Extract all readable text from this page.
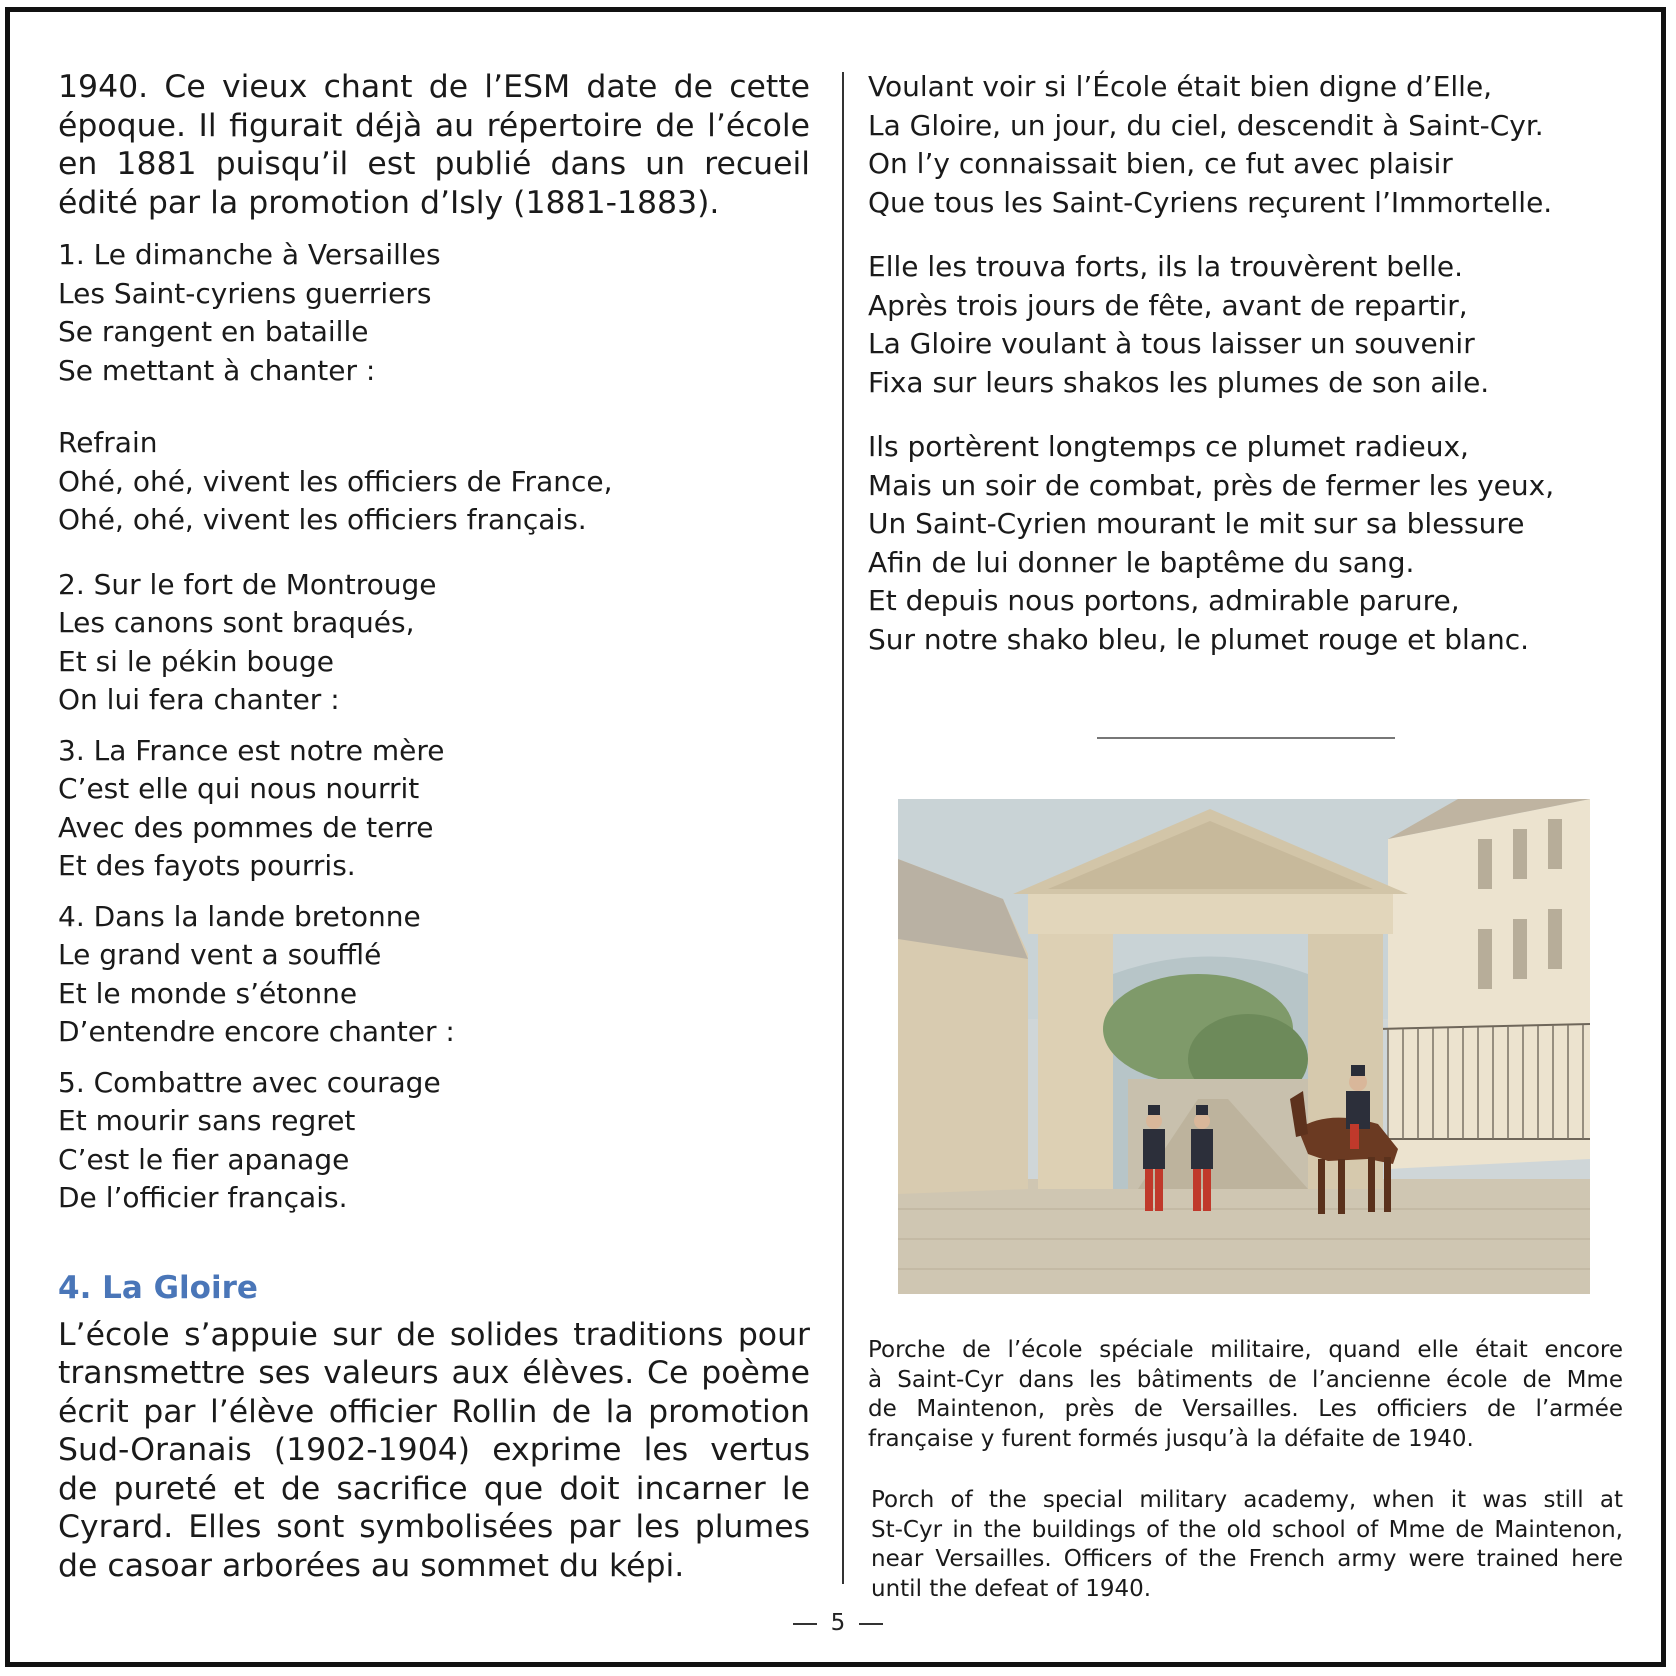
1940. Ce vieux chant de l’ESM date de cette
époque. Il figurait déjà au répertoire de l’école
en 1881 puisqu’il est publié dans un recueil
édité par la promotion d’Isly (1881-1883).

1. Le dimanche à Versailles
Les Saint-cyriens guerriers
Se rangent en bataille
Se mettant à chanter :
Refrain
Ohé, ohé, vivent les officiers de France,
Ohé, ohé, vivent les officiers français.
2. Sur le fort de Montrouge
Les canons sont braqués,
Et si le pékin bouge
On lui fera chanter :
3. La France est notre mère
C’est elle qui nous nourrit
Avec des pommes de terre
Et des fayots pourris.
4. Dans la lande bretonne
Le grand vent a soufflé
Et le monde s’étonne
D’entendre encore chanter :
5. Combattre avec courage
Et mourir sans regret
C’est le fier apanage
De l’officier français.
4. La Gloire

L’école s’appuie sur de solides traditions pour
transmettre ses valeurs aux élèves. Ce poème
écrit par l’élève officier Rollin de la promotion
Sud-Oranais (1902-1904) exprime les vertus
de pureté et de sacrifice que doit incarner le
Cyrard. Elles sont symbolisées par les plumes
de casoar arborées au sommet du képi.

Voulant voir si l’École était bien digne d’Elle,
La Gloire, un jour, du ciel, descendit à Saint-Cyr.
On l’y connaissait bien, ce fut avec plaisir
Que tous les Saint-Cyriens reçurent l’Immortelle.
Elle les trouva forts, ils la trouvèrent belle.
Après trois jours de fête, avant de repartir,
La Gloire voulant à tous laisser un souvenir
Fixa sur leurs shakos les plumes de son aile.
Ils portèrent longtemps ce plumet radieux,
Mais un soir de combat, près de fermer les yeux,
Un Saint-Cyrien mourant le mit sur sa blessure
Afin de lui donner le baptême du sang.
Et depuis nous portons, admirable parure,
Sur notre shako bleu, le plumet rouge et blanc.

Porche de l’école spéciale militaire, quand elle était encore
à Saint-Cyr dans les bâtiments de l’ancienne école de Mme
de Maintenon, près de Versailles. Les officiers de l’armée
française y furent formés jusqu’à la défaite de 1940.

Porch of the special military academy, when it was still at
St-Cyr in the buildings of the old school of Mme de Maintenon,
near Versailles. Officers of the French army were trained here
until the defeat of 1940.

5
